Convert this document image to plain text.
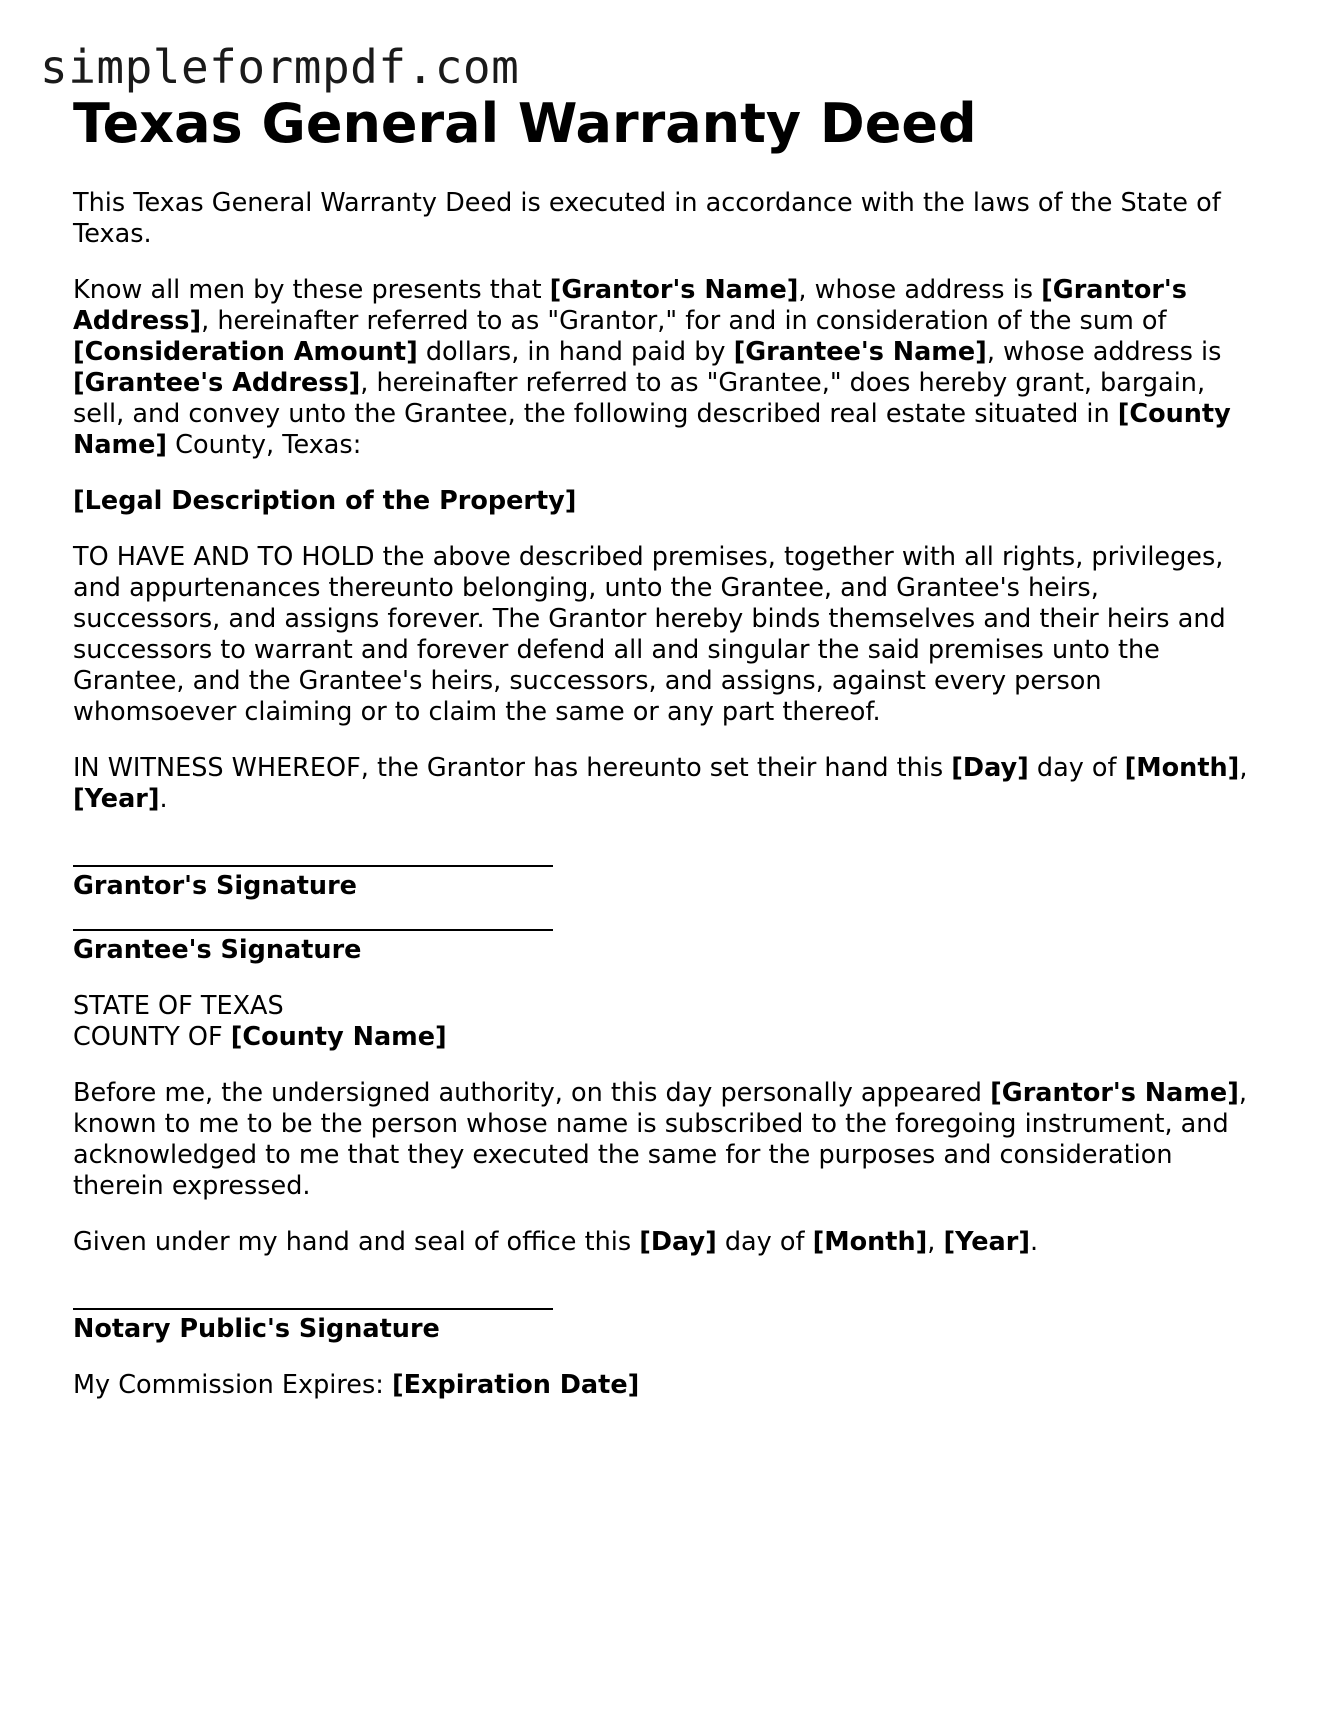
simpleformpdf.com
Texas General Warranty Deed
This Texas General Warranty Deed is executed in accordance with the laws of the State of Texas.
Know all men by these presents that [Grantor's Name], whose address is [Grantor's Address], hereinafter referred to as "Grantor," for and in consideration of the sum of [Consideration Amount] dollars, in hand paid by [Grantee's Name], whose address is [Grantee's Address], hereinafter referred to as "Grantee," does hereby grant, bargain, sell, and convey unto the Grantee, the following described real estate situated in [County Name] County, Texas:
[Legal Description of the Property]
TO HAVE AND TO HOLD the above described premises, together with all rights, privileges, and appurtenances thereunto belonging, unto the Grantee, and Grantee's heirs, successors, and assigns forever. The Grantor hereby binds themselves and their heirs and successors to warrant and forever defend all and singular the said premises unto the Grantee, and the Grantee's heirs, successors, and assigns, against every person whomsoever claiming or to claim the same or any part thereof.
IN WITNESS WHEREOF, the Grantor has hereunto set their hand this [Day] day of [Month], [Year].
Grantor's Signature
Grantee's Signature
STATE OF TEXAS
COUNTY OF [County Name]
Before me, the undersigned authority, on this day personally appeared [Grantor's Name], known to me to be the person whose name is subscribed to the foregoing instrument, and acknowledged to me that they executed the same for the purposes and consideration therein expressed.
Given under my hand and seal of office this [Day] day of [Month], [Year].
Notary Public's Signature
My Commission Expires: [Expiration Date]
